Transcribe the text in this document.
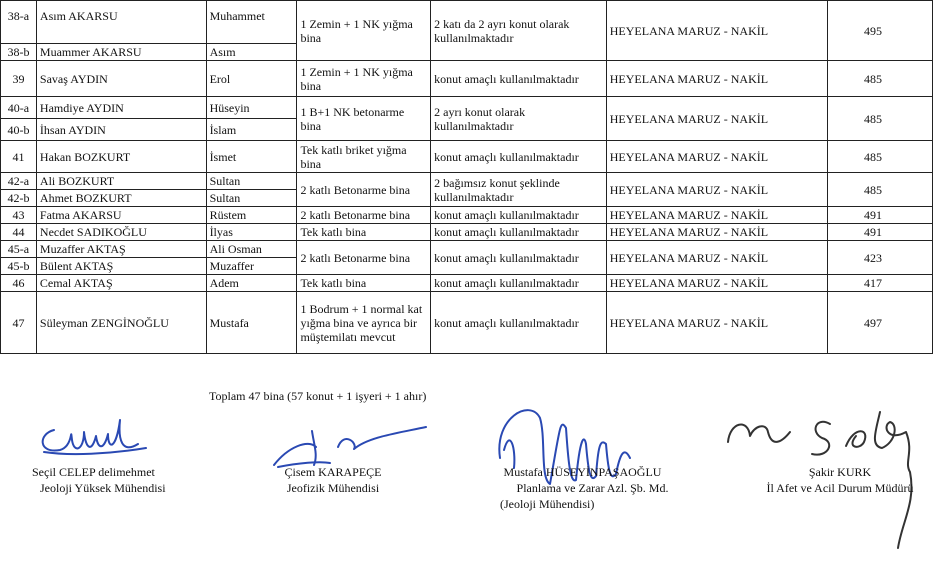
38-a	Asım AKARSU	Muhammet	1 Zemin + 1 NK yığma bina	2 katı da 2 ayrı konut olarak kullanılmaktadır	HEYELANA MARUZ - NAKİL	495
38-b	Muammer AKARSU	Asım				
39	Savaş AYDIN	Erol	1 Zemin + 1 NK yığma bina	konut amaçlı kullanılmaktadır	HEYELANA MARUZ - NAKİL	485
40-a	Hamdiye AYDIN	Hüseyin	1 B+1 NK betonarme bina	2 ayrı konut olarak kullanılmaktadır	HEYELANA MARUZ - NAKİL	485
40-b	İhsan AYDIN	İslam				
41	Hakan BOZKURT	İsmet	Tek katlı briket yığma bina	konut amaçlı kullanılmaktadır	HEYELANA MARUZ - NAKİL	485
42-a	Ali BOZKURT	Sultan	2 katlı Betonarme bina	2 bağımsız konut şeklinde kullanılmaktadır	HEYELANA MARUZ - NAKİL	485
42-b	Ahmet BOZKURT	Sultan				
43	Fatma AKARSU	Rüstem	2 katlı Betonarme bina	konut amaçlı kullanılmaktadır	HEYELANA MARUZ - NAKİL	491
44	Necdet SADIKOĞLU	İlyas	Tek katlı bina	konut amaçlı kullanılmaktadır	HEYELANA MARUZ - NAKİL	491
45-a	Muzaffer AKTAŞ	Ali Osman	2 katlı Betonarme bina	konut amaçlı kullanılmaktadır	HEYELANA MARUZ - NAKİL	423
45-b	Bülent AKTAŞ	Muzaffer				
46	Cemal AKTAŞ	Adem	Tek katlı bina	konut amaçlı kullanılmaktadır	HEYELANA MARUZ - NAKİL	417
47	Süleyman ZENGİNOĞLU	Mustafa	1 Bodrum + 1 normal kat yığma bina ve ayrıca bir müştemilatı mevcut	konut amaçlı kullanılmaktadır	HEYELANA MARUZ - NAKİL	497
Toplam 47 bina (57 konut + 1 işyeri + 1 ahır)
Seçil CELEP delimehmet
Jeoloji Yüksek Mühendisi
Çisem KARAPEÇE
Jeofizik Mühendisi
Mustafa HÜSEYİNPAŞAOĞLU
Planlama ve Zarar Azl. Şb. Md.
(Jeoloji Mühendisi)
Şakir KURK
İl Afet ve Acil Durum Müdürü
